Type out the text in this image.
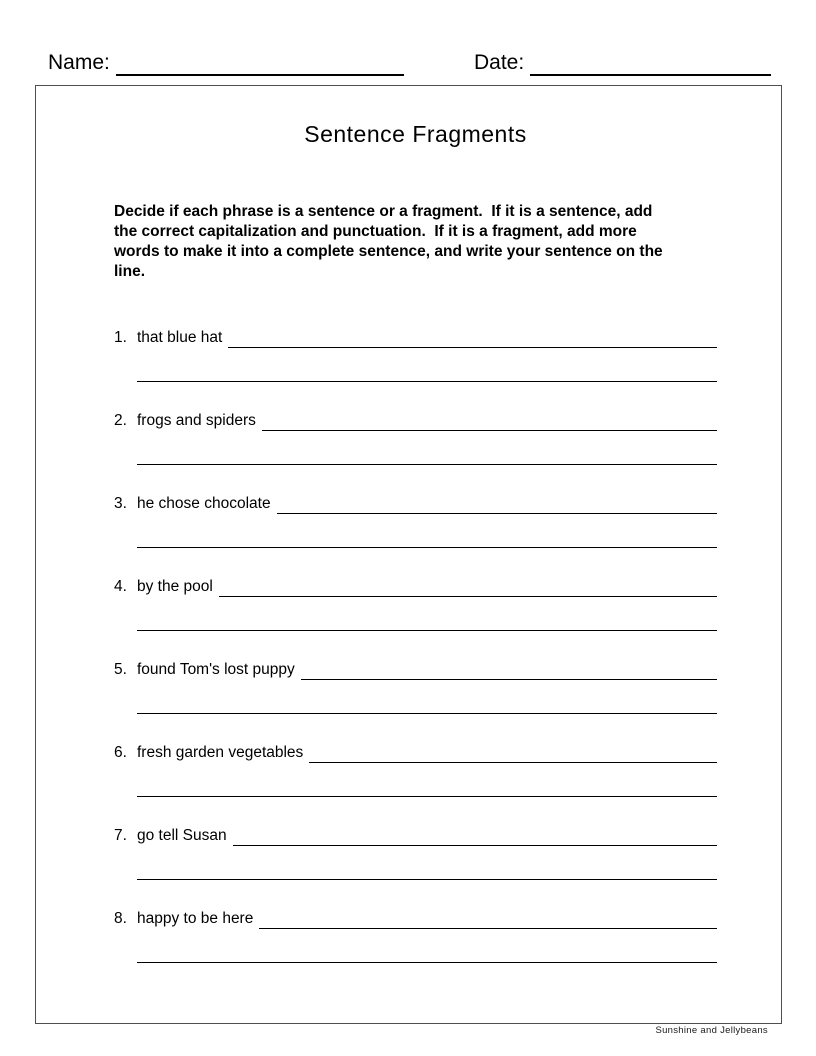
Name:	Date:
Sentence Fragments
Decide if each phrase is a sentence or a fragment.  If it is a sentence, add
the correct capitalization and punctuation.  If it is a fragment, add more
words to make it into a complete sentence, and write your sentence on the
line.
1. that blue hat
2. frogs and spiders
3. he chose chocolate
4. by the pool
5. found Tom's lost puppy
6. fresh garden vegetables
7. go tell Susan
8. happy to be here
Sunshine and Jellybeans
